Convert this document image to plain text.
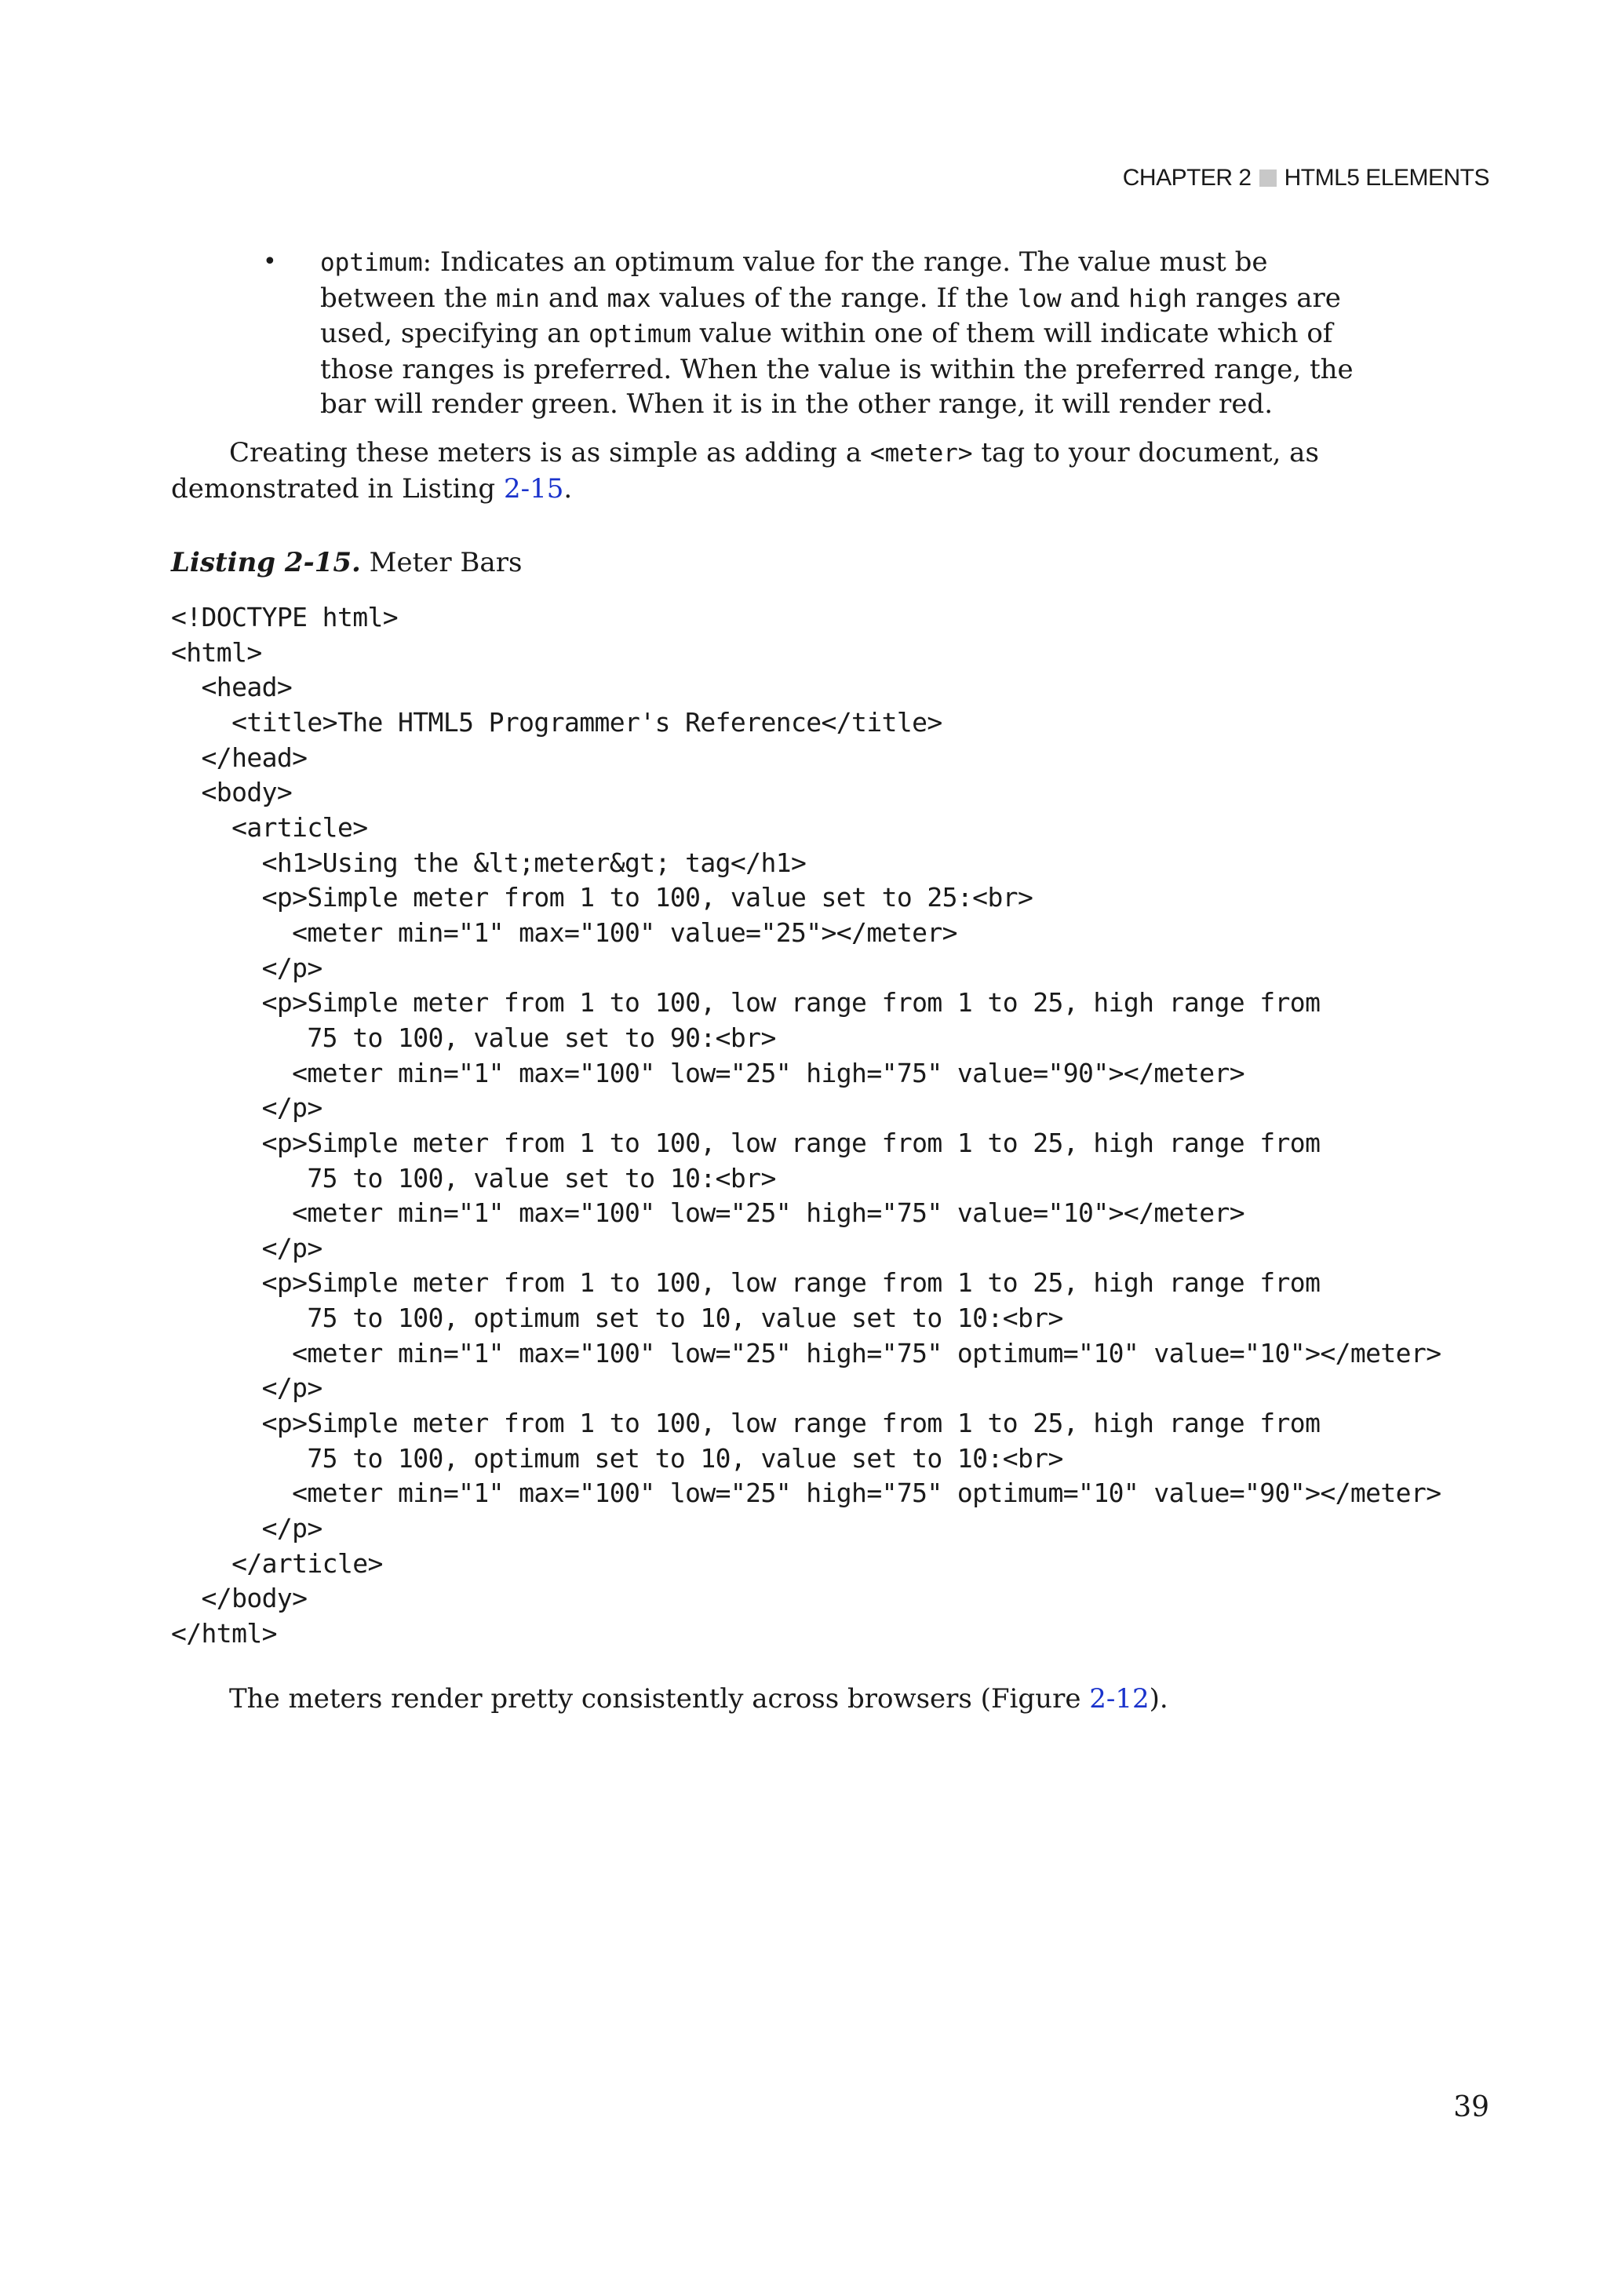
CHAPTER 2 HTML5 ELEMENTS
• optimum: Indicates an optimum value for the range. The value must be between the min and max values of the range. If the low and high ranges are used, specifying an optimum value within one of them will indicate which of those ranges is preferred. When the value is within the preferred range, the bar will render green. When it is in the other range, it will render red.
Creating these meters is as simple as adding a <meter> tag to your document, as demonstrated in Listing 2-15.
Listing 2-15. Meter Bars
<!DOCTYPE html>
<html>
<head>
<title>The HTML5 Programmer's Reference</title>
</head>
<body>
<article>
<h1>Using the &lt;meter&gt; tag</h1>
<p>Simple meter from 1 to 100, value set to 25:<br>
<meter min="1" max="100" value="25"></meter>
</p>
<p>Simple meter from 1 to 100, low range from 1 to 25, high range from
75 to 100, value set to 90:<br>
<meter min="1" max="100" low="25" high="75" value="90"></meter>
</p>
<p>Simple meter from 1 to 100, low range from 1 to 25, high range from
75 to 100, value set to 10:<br>
<meter min="1" max="100" low="25" high="75" value="10"></meter>
</p>
<p>Simple meter from 1 to 100, low range from 1 to 25, high range from
75 to 100, optimum set to 10, value set to 10:<br>
<meter min="1" max="100" low="25" high="75" optimum="10" value="10"></meter>
</p>
<p>Simple meter from 1 to 100, low range from 1 to 25, high range from
75 to 100, optimum set to 10, value set to 10:<br>
<meter min="1" max="100" low="25" high="75" optimum="10" value="90"></meter>
</p>
</article>
</body>
</html>
The meters render pretty consistently across browsers (Figure 2-12).
39
